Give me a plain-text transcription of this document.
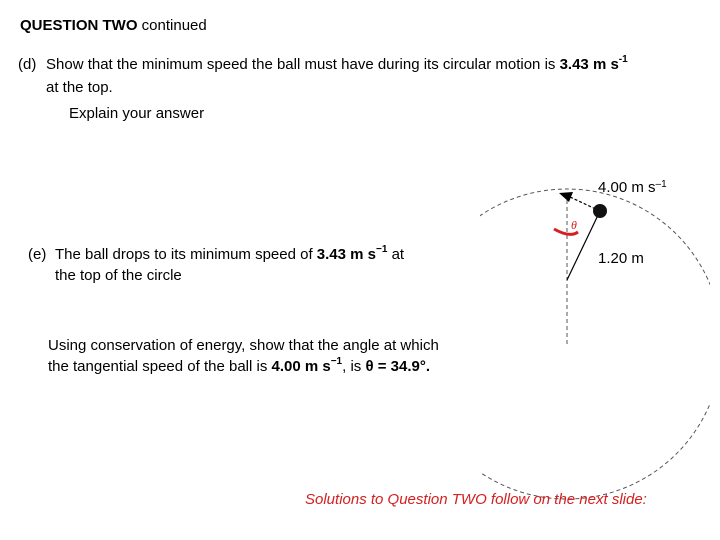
QUESTION TWO continued
(d) Show that the minimum speed the ball must have during its circular motion is 3.43 m $s^{-1}$
at the top.
Explain your answer
(e) The ball drops to its minimum speed of 3.43 m $s^{-1}$ at
the top of the circle
Using conservation of energy, show that the angle at which
the tangential speed of the ball is 4.00 m $s^{-1}$, is θ = 34.9°.
4.00 m $s^{-1}$
θ
1.20 m
Solutions to Question TWO follow on the next slide:
